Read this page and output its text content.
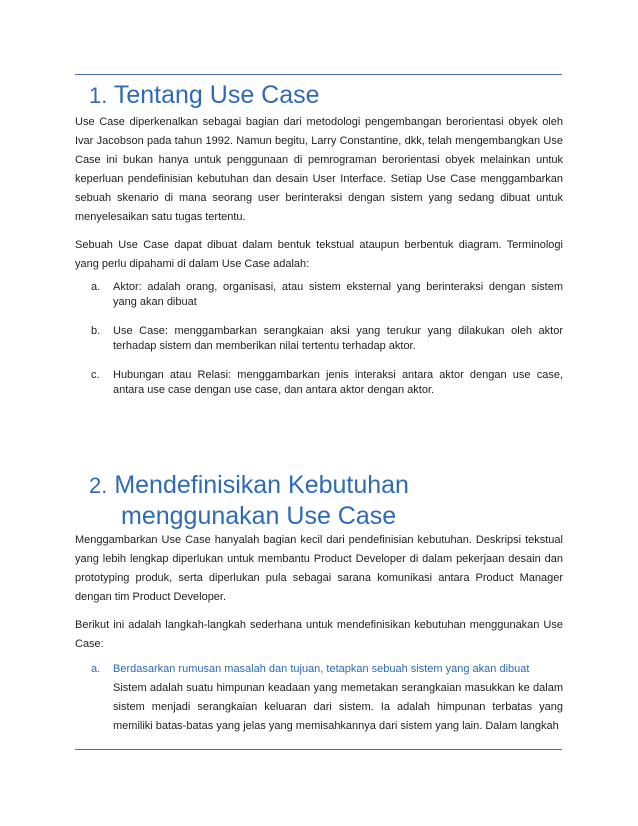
1. Tentang Use Case

Use Case diperkenalkan sebagai bagian dari metodologi pengembangan berorientasi obyek oleh Ivar Jacobson pada tahun 1992. Namun begitu, Larry Constantine, dkk, telah mengembangkan Use Case ini bukan hanya untuk penggunaan di pemrograman berorientasi obyek melainkan untuk keperluan pendefinisian kebutuhan dan desain User Interface. Setiap Use Case menggambarkan sebuah skenario di mana seorang user berinteraksi dengan sistem yang sedang dibuat untuk menyelesaikan satu tugas tertentu.

Sebuah Use Case dapat dibuat dalam bentuk tekstual ataupun berbentuk diagram. Terminologi yang perlu dipahami di dalam Use Case adalah:

a. Aktor: adalah orang, organisasi, atau sistem eksternal yang berinteraksi dengan sistem yang akan dibuat
b. Use Case: menggambarkan serangkaian aksi yang terukur yang dilakukan oleh aktor terhadap sistem dan memberikan nilai tertentu terhadap aktor.
c. Hubungan atau Relasi: menggambarkan jenis interaksi antara aktor dengan use case, antara use case dengan use case, dan antara aktor dengan aktor.
2. Mendefinisikan Kebutuhan
menggunakan Use Case

Menggambarkan Use Case hanyalah bagian kecil dari pendefinisian kebutuhan. Deskripsi tekstual yang lebih lengkap diperlukan untuk membantu Product Developer di dalam pekerjaan desain dan prototyping produk, serta diperlukan pula sebagai sarana komunikasi antara Product Manager dengan tim Product Developer.

Berikut ini adalah langkah-langkah sederhana untuk mendefinisikan kebutuhan menggunakan Use Case:

a. Berdasarkan rumusan masalah dan tujuan, tetapkan sebuah sistem yang akan dibuat
Sistem adalah suatu himpunan keadaan yang memetakan serangkaian masukkan ke dalam sistem menjadi serangkaian keluaran dari sistem. Ia adalah himpunan terbatas yang memiliki batas-batas yang jelas yang memisahkannya dari sistem yang lain. Dalam langkah
